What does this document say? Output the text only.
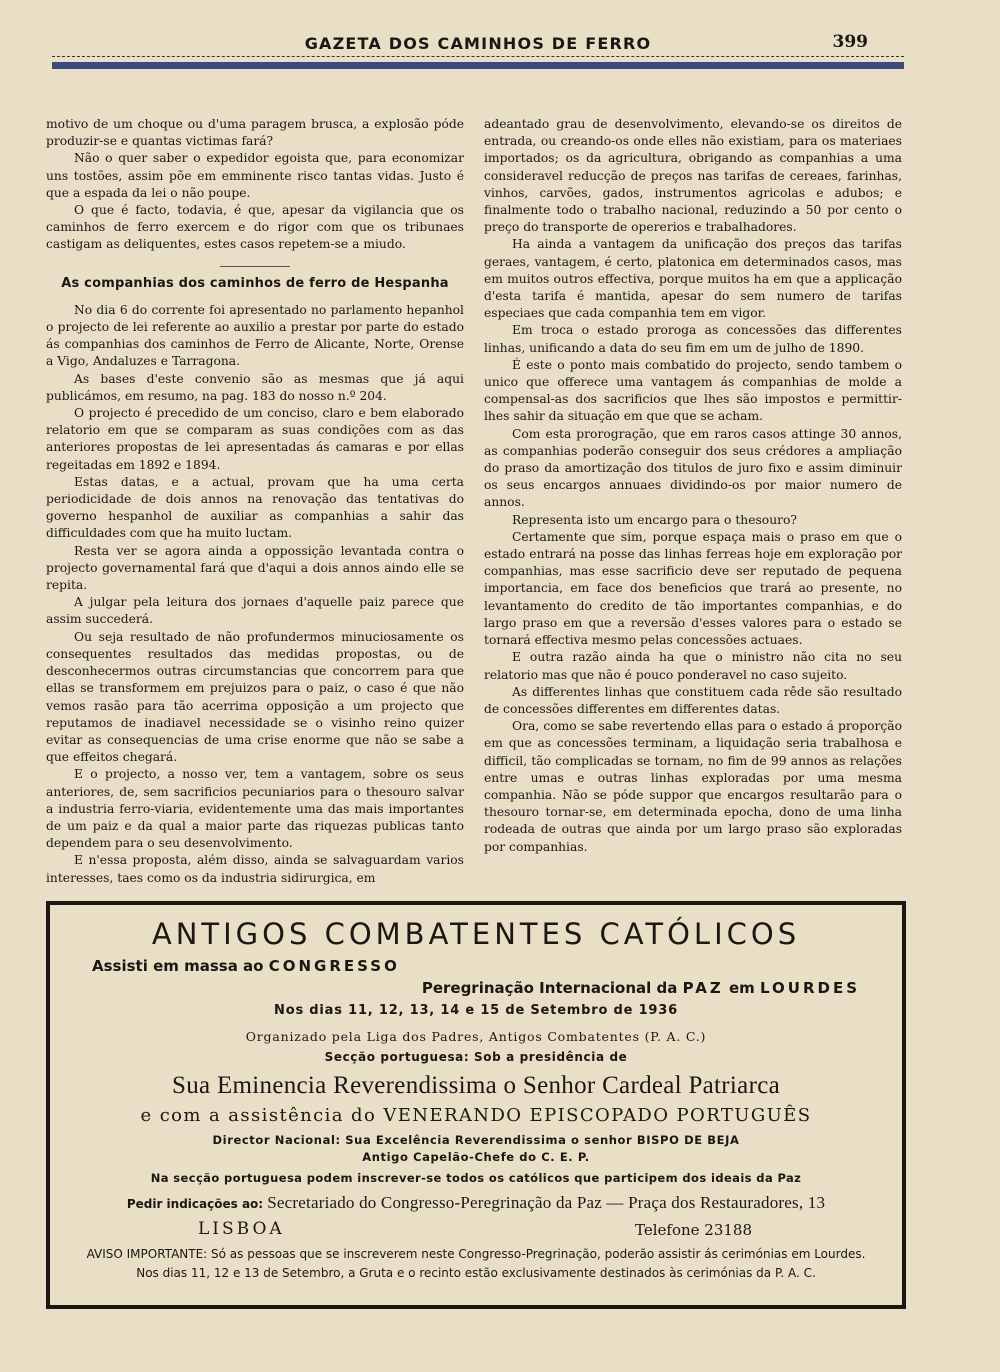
GAZETA DOS CAMINHOS DE FERRO	399

motivo de um choque ou d'uma paragem brusca, a explosão póde produzir-se e quantas victimas fará?

Não o quer saber o expedidor egoista que, para economizar uns tostões, assim põe em emminente risco tantas vidas. Justo é que a espada da lei o não poupe.

O que é facto, todavia, é que, apesar da vigilancia que os caminhos de ferro exercem e do rigor com que os tribunaes castigam as deliquentes, estes casos repetem-se a miudo.

As companhias dos caminhos de ferro de Hespanha

No dia 6 do corrente foi apresentado no parlamento hepanhol o projecto de lei referente ao auxilio a prestar por parte do estado ás companhias dos caminhos de Ferro de Alicante, Norte, Orense a Vigo, Andaluzes e Tarragona.

As bases d'este convenio são as mesmas que já aqui publicámos, em resumo, na pag. 183 do nosso n.º 204.

O projecto é precedido de um conciso, claro e bem elaborado relatorio em que se comparam as suas condições com as das anteriores propostas de lei apresentadas ás camaras e por ellas regeitadas em 1892 e 1894.

Estas datas, e a actual, provam que ha uma certa periodicidade de dois annos na renovação das tentativas do governo hespanhol de auxiliar as companhias a sahir das difficuldades com que ha muito luctam.

Resta ver se agora ainda a oppossição levantada contra o projecto governamental fará que d'aqui a dois annos aindo elle se repita.

A julgar pela leitura dos jornaes d'aquelle paiz parece que assim succederá.

Ou seja resultado de não profundermos minuciosamente os consequentes resultados das medidas propostas, ou de desconhecermos outras circumstancias que concorrem para que ellas se transformem em prejuizos para o paiz, o caso é que não vemos rasão para tão acerrima opposição a um projecto que reputamos de inadiavel necessidade se o visinho reino quizer evitar as consequencias de uma crise enorme que não se sabe a que effeitos chegará.

E o projecto, a nosso ver, tem a vantagem, sobre os seus anteriores, de, sem sacrificios pecuniarios para o thesouro salvar a industria ferro-viaria, evidentemente uma das mais importantes de um paiz e da qual a maior parte das riquezas publicas tanto dependem para o seu desenvolvimento.

E n'essa proposta, além disso, ainda se salvaguardam varios interesses, taes como os da industria sidirurgica, em

adeantado grau de desenvolvimento, elevando-se os direitos de entrada, ou creando-os onde elles não existiam, para os materiaes importados; os da agricultura, obrigando as companhias a uma consideravel reducção de preços nas tarifas de cereaes, farinhas, vinhos, carvões, gados, instrumentos agricolas e adubos; e finalmente todo o trabalho nacional, reduzindo a 50 por cento o preço do transporte de opererios e trabalhadores.

Ha ainda a vantagem da unificação dos preços das tarifas geraes, vantagem, é certo, platonica em determinados casos, mas em muitos outros effectiva, porque muitos ha em que a applicação d'esta tarifa é mantida, apesar do sem numero de tarifas especiaes que cada companhia tem em vigor.

Em troca o estado proroga as concessões das differentes linhas, unificando a data do seu fim em um de julho de 1890.

É este o ponto mais combatido do projecto, sendo tambem o unico que offerece uma vantagem ás companhias de molde a compensal-as dos sacrificios que lhes são impostos e permittir-lhes sahir da situação em que que se acham.

Com esta prorogração, que em raros casos attinge 30 annos, as companhias poderão conseguir dos seus crédores a ampliação do praso da amortização dos titulos de juro fixo e assim diminuir os seus encargos annuaes dividindo-os por maior numero de annos.

Representa isto um encargo para o thesouro?

Certamente que sim, porque espaça mais o praso em que o estado entrará na posse das linhas ferreas hoje em exploração por companhias, mas esse sacrificio deve ser reputado de pequena importancia, em face dos beneficios que trará ao presente, no levantamento do credito de tão importantes companhias, e do largo praso em que a reversão d'esses valores para o estado se tornará effectiva mesmo pelas concessões actuaes.

E outra razão ainda ha que o ministro não cita no seu relatorio mas que não é pouco ponderavel no caso sujeito.

As differentes linhas que constituem cada rêde são resultado de concessões differentes em differentes datas.

Ora, como se sabe revertendo ellas para o estado á proporção em que as concessões terminam, a liquidação seria trabalhosa e difficil, tão complicadas se tornam, no fim de 99 annos as relações entre umas e outras linhas exploradas por uma mesma companhia. Não se póde suppor que encargos resultarão para o thesouro tornar-se, em determinada epocha, dono de uma linha rodeada de outras que ainda por um largo praso são exploradas por companhias.

ANTIGOS COMBATENTES CATÓLICOS
Assisti em massa ao CONGRESSO
Peregrinação Internacional da PAZ em LOURDES
Nos dias 11, 12, 13, 14 e 15 de Setembro de 1936
Organizado pela Liga dos Padres, Antigos Combatentes (P. A. C.)
Secção portuguesa: Sob a presidência de
Sua Eminencia Reverendissima o Senhor Cardeal Patriarca
e com a assistência do VENERANDO EPISCOPADO PORTUGUÊS
Director Nacional: Sua Excelência Reverendissima o senhor BISPO DE BEJA
Antigo Capelão-Chefe do C. E. P.
Na secção portuguesa podem inscrever-se todos os católicos que participem dos ideais da Paz
Pedir indicações ao: Secretariado do Congresso-Peregrinação da Paz — Praça dos Restauradores, 13
LISBOA	Telefone 23188
AVISO IMPORTANTE: Só as pessoas que se inscreverem neste Congresso-Pregrinação, poderão assistir ás cerimónias em Lourdes. Nos dias 11, 12 e 13 de Setembro, a Gruta e o recinto estão exclusivamente destinados às cerimónias da P. A. C.
